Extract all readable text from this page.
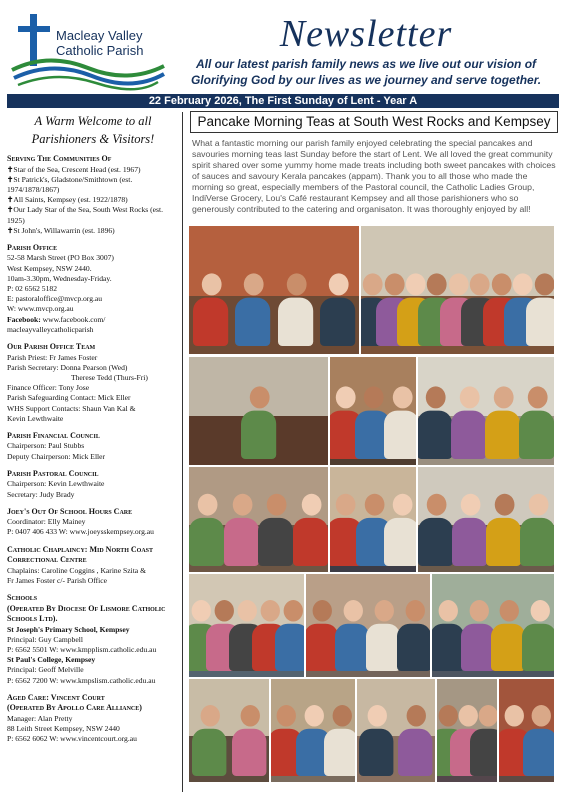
Macleay Valley
Catholic Parish	Newsletter
All our latest parish family news as we live out our vision of
Glorifying God by our lives as we journey and serve together.
22 February 2026, The First Sunday of Lent - Year A
A Warm Welcome to all
Parishioners & Visitors!
Serving The Communities Of
✝ Star of the Sea, Crescent Head (est. 1967)
✝ St Patrick's, Gladstone/Smithtown (est. 1974/1878/1867)
✝ All Saints, Kempsey (est. 1922/1878)
✝ Our Lady Star of the Sea, South West Rocks (est. 1925)
✝ St John's, Willawarrin (est. 1896)
Parish Office
52-58 Marsh Street (PO Box 3007)
West Kempsey, NSW 2440.
10am-3.30pm, Wednesday-Friday.
P: 02 6562 5182
E: pastoraloffice@mvcp.org.au
W: www.mvcp.org.au
Facebook: www.facebook.com/
macleayvalleycatholicparish
Our Parish Office Team
Parish Priest: Fr James Foster
Parish Secretary: Donna Pearson (Wed)
Therese Tedd (Thurs-Fri)
Finance Officer: Tony Jose
Parish Safeguarding Contact: Mick Eller
WHS Support Contacts: Shaun Van Kal &
Kevin Lewthwaite
Parish Financial Council
Chairperson: Paul Stubbs
Deputy Chairperson: Mick Eller
Parish Pastoral Council
Chairperson: Kevin Lewthwaite
Secretary: Judy Brady
Joey's Out Of School Hours Care
Coordinator: Elly Mainey
P: 0407 406 433 W: www.joeysskempsey.org.au
Catholic Chaplaincy: Mid North Coast
Correctional Centre
Chaplains: Caroline Coggins , Karine Szita &
Fr James Foster c/- Parish Office
Schools
(Operated By Diocese Of Lismore Catholic
Schools Ltd).
St Joseph's Primary School, Kempsey
Principal: Guy Campbell
P: 6562 5501 W: www.kmpplism.catholic.edu.au
St Paul's College, Kempsey
Principal: Geoff Melville
P: 6562 7200 W: www.kmpslism.catholic.edu.au
Aged Care: Vincent Court
(Operated By Apollo Care Alliance)
Manager: Alan Pretty
88 Leith Street Kempsey, NSW 2440
P: 6562 6062 W: www.vincentcourt.org.au
Pancake Morning Teas at South West Rocks and Kempsey
What a fantastic morning our parish family enjoyed celebrating the special pancakes and savouries morning teas last Sunday before the start of Lent. We all loved the great community spirit shared over some yummy home made treats including both sweet pancakes with choices of sauces and savoury Kerala pancakes (appam). Thank you to all those who made the morning so great, especially members of the Pastoral council, the Catholic Ladies Group, IndiVerse Grocery, Lou's Café restaurant Kempsey and all those parishioners who so generously contributed to the catering and organisaton. It was thoroughly enjoyed by all!
